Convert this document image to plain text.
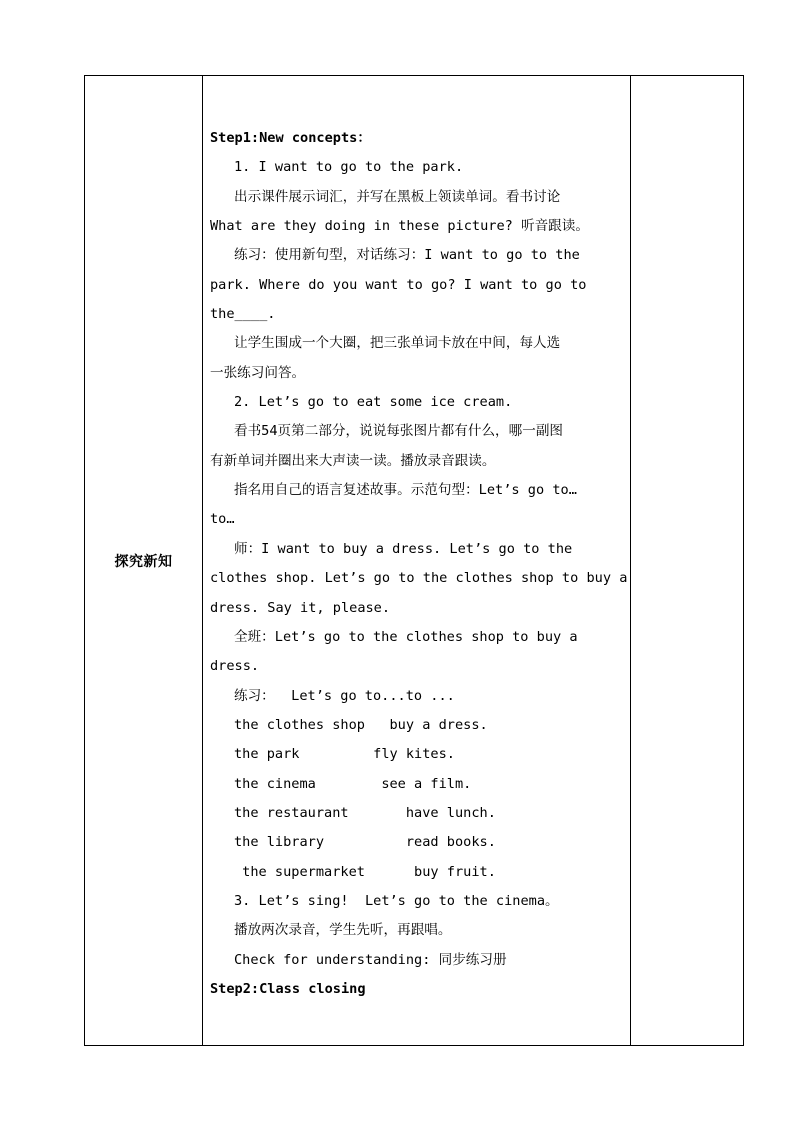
探究新知	
Step1:New concepts：
1. I want to go to the park.
出示课件展示词汇，并写在黑板上领读单词。看书讨论
What are they doing in these picture? 听音跟读。
练习：使用新句型，对话练习：I want to go to the
park. Where do you want to go? I want to go to
the____.
让学生围成一个大圈，把三张单词卡放在中间，每人选
一张练习问答。
2. Let’s go to eat some ice cream.
看书54页第二部分，说说每张图片都有什么，哪一副图
有新单词并圈出来大声读一读。播放录音跟读。
指名用自己的语言复述故事。示范句型：Let’s go to…
to…
师：I want to buy a dress. Let’s go to the
clothes shop. Let’s go to the clothes shop to buy a
dress. Say it, please.
全班：Let’s go to the clothes shop to buy a
dress.
练习：  Let’s go to...to ...
the clothes shop   buy a dress.
the park         fly kites.
the cinema        see a film.
the restaurant       have lunch.
the library          read books.
the supermarket      buy fruit.
3. Let’s sing!  Let’s go to the cinema。
播放两次录音，学生先听，再跟唱。
Check for understanding: 同步练习册
Step2:Class closing
